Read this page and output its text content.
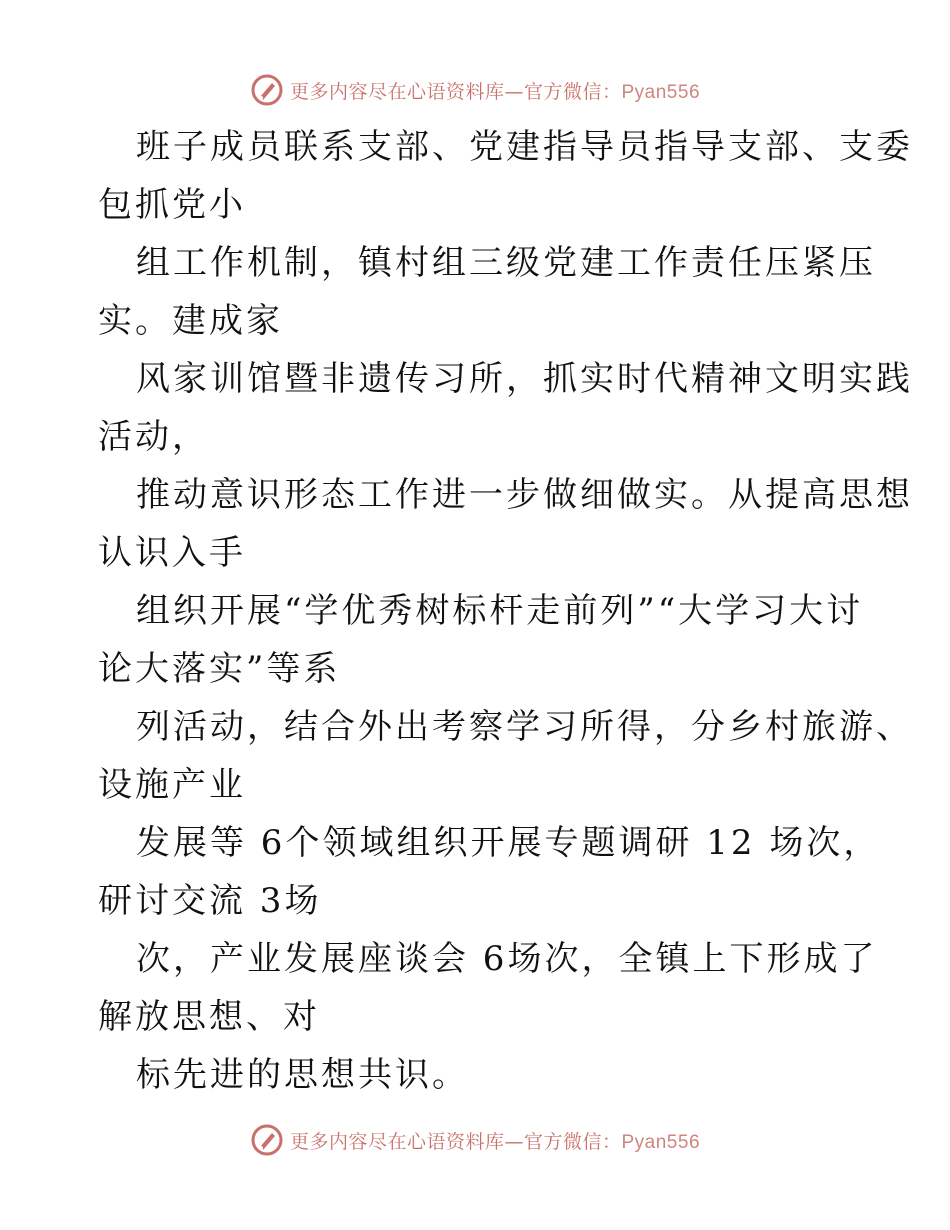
更多内容尽在心语资料库—官方微信：Pyan556

班子成员联系支部、党建指导员指导支部、支委
包抓党小

组工作机制，镇村组三级党建工作责任压紧压
实。建成家

风家训馆暨非遗传习所，抓实时代精神文明实践
活动，

推动意识形态工作进一步做细做实。从提高思想
认识入手

组织开展“学优秀树标杆走前列”“大学习大讨
论大落实”等系

列活动，结合外出考察学习所得，分乡村旅游、
设施产业

发展等 6个领域组织开展专题调研 12 场次，
研讨交流 3场

次，产业发展座谈会 6场次，全镇上下形成了
解放思想、对

标先进的思想共识。

更多内容尽在心语资料库—官方微信：Pyan556
